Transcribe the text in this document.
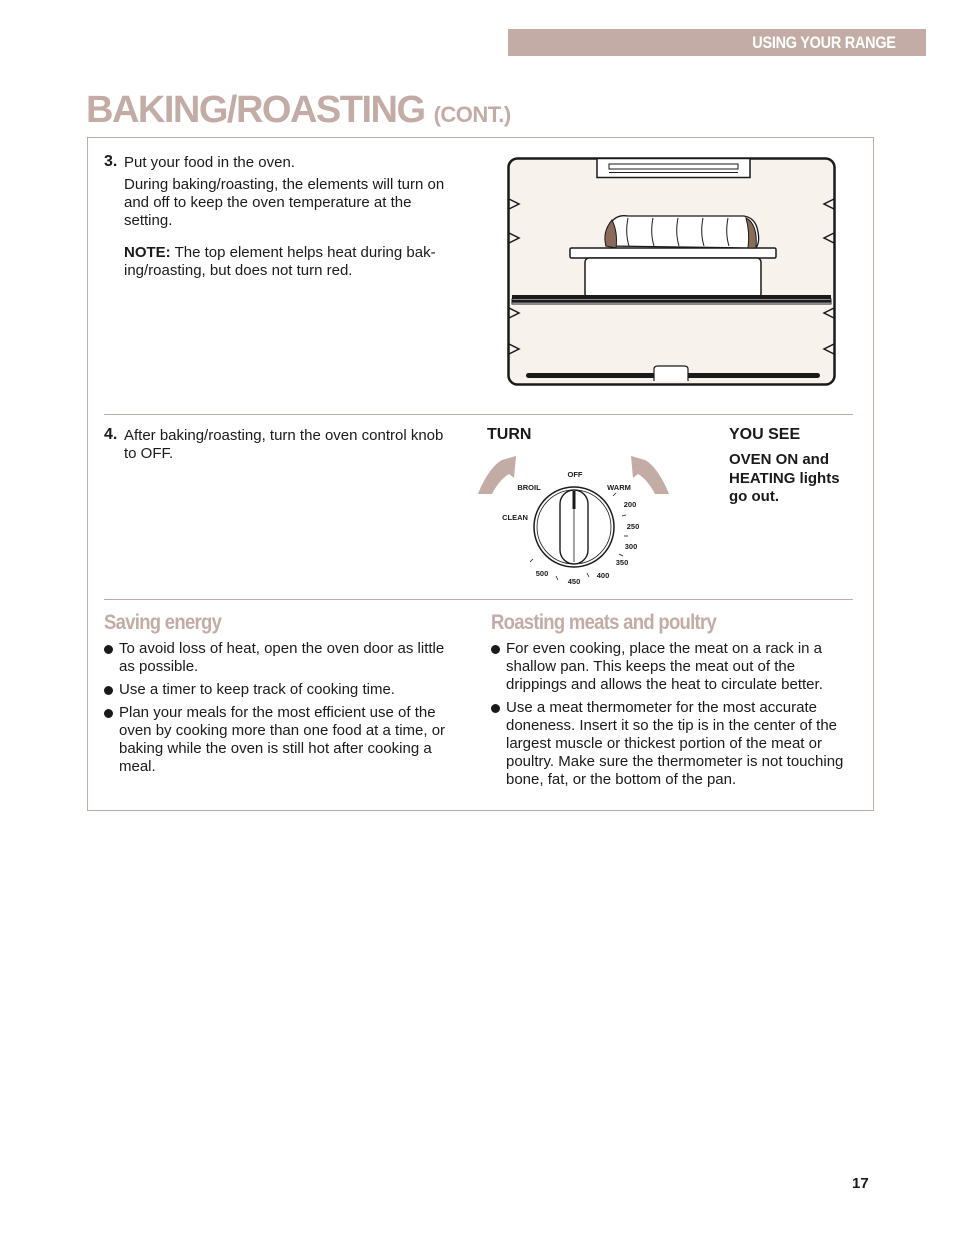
USING YOUR RANGE
BAKING/ROASTING (CONT.)
3. Put your food in the oven.
During baking/roasting, the elements will turn on
and off to keep the oven temperature at the
setting.
NOTE: The top element helps heat during bak-
ing/roasting, but does not turn red.
4. After baking/roasting, turn the oven control knob
to OFF.
TURN	YOU SEE
OVEN ON and
HEATING lights
go out.
OFF
BROIL	WARM
CLEAN
200
250
300
350
400
450
500
Saving energy
To avoid loss of heat, open the oven door as little
as possible.
Use a timer to keep track of cooking time.
Plan your meals for the most efficient use of the
oven by cooking more than one food at a time, or
baking while the oven is still hot after cooking a
meal.
Roasting meats and poultry
For even cooking, place the meat on a rack in a
shallow pan. This keeps the meat out of the
drippings and allows the heat to circulate better.
Use a meat thermometer for the most accurate
doneness. Insert it so the tip is in the center of the
largest muscle or thickest portion of the meat or
poultry. Make sure the thermometer is not touching
bone, fat, or the bottom of the pan.
17
